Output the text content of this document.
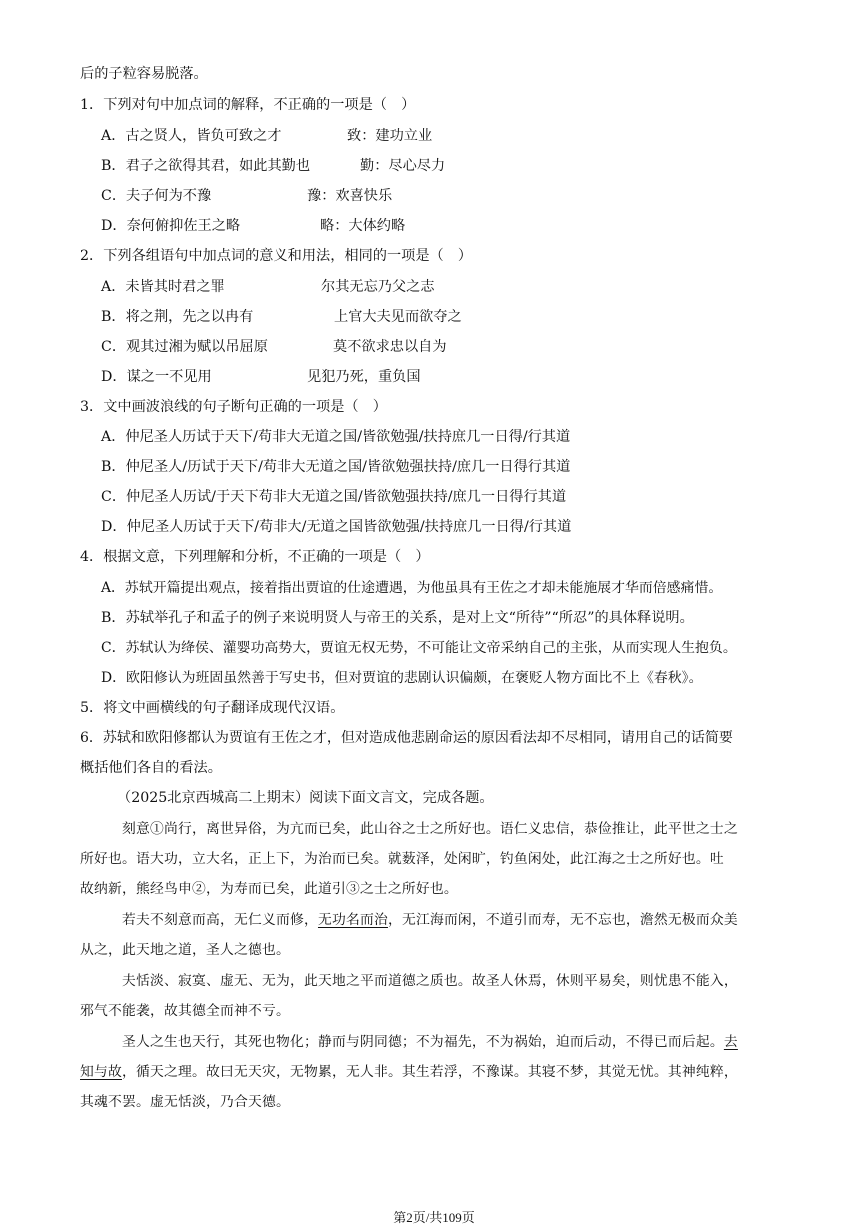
后的子粒容易脱落。
1．下列对句中加点词的解释，不正确的一项是（　）
A．古之贤人，皆负可致之才	致：建功立业
B．君子之欲得其君，如此其勤也	勤：尽心尽力
C．夫子何为不豫	豫：欢喜快乐
D．奈何俯抑佐王之略	略：大体约略
2．下列各组语句中加点词的意义和用法，相同的一项是（　）
A．未皆其时君之罪	尔其无忘乃父之志
B．将之荆，先之以冉有	上官大夫见而欲夺之
C．观其过湘为赋以吊屈原	莫不欲求忠以自为
D．谋之一不见用	见犯乃死，重负国
3．文中画波浪线的句子断句正确的一项是（　）
A．仲尼圣人历试于天下/苟非大无道之国/皆欲勉强/扶持庶几一日得/行其道
B．仲尼圣人/历试于天下/苟非大无道之国/皆欲勉强扶持/庶几一日得行其道
C．仲尼圣人历试/于天下苟非大无道之国/皆欲勉强扶持/庶几一日得行其道
D．仲尼圣人历试于天下/苟非大/无道之国皆欲勉强/扶持庶几一日得/行其道
4．根据文意，下列理解和分析，不正确的一项是（　）
A．苏轼开篇提出观点，接着指出贾谊的仕途遭遇，为他虽具有王佐之才却未能施展才华而倍感痛惜。
B．苏轼举孔子和孟子的例子来说明贤人与帝王的关系，是对上文“所待”“所忍”的具体释说明。
C．苏轼认为绛侯、灌婴功高势大，贾谊无权无势，不可能让文帝采纳自己的主张，从而实现人生抱负。
D．欧阳修认为班固虽然善于写史书，但对贾谊的悲剧认识偏颇，在褒贬人物方面比不上《春秋》。
5．将文中画横线的句子翻译成现代汉语。
6．苏轼和欧阳修都认为贾谊有王佐之才，但对造成他悲剧命运的原因看法却不尽相同，请用自己的话简要
概括他们各自的看法。
（2025北京西城高二上期末）阅读下面文言文，完成各题。
刻意①尚行，离世异俗，为亢而已矣，此山谷之士之所好也。语仁义忠信，恭俭推让，此平世之士之
所好也。语大功，立大名，正上下，为治而已矣。就薮泽，处闲旷，钓鱼闲处，此江海之士之所好也。吐
故纳新，熊经鸟申②，为寿而已矣，此道引③之士之所好也。
若夫不刻意而高，无仁义而修，无功名而治，无江海而闲，不道引而寿，无不忘也，澹然无极而众美
从之，此天地之道，圣人之德也。
夫恬淡、寂寞、虚无、无为，此天地之平而道德之质也。故圣人休焉，休则平易矣，则忧患不能入，
邪气不能袭，故其德全而神不亏。
圣人之生也天行，其死也物化；静而与阴同德；不为福先，不为祸始，迫而后动，不得已而后起。去
知与故，循天之理。故曰无天灾，无物累，无人非。其生若浮，不豫谋。其寝不梦，其觉无忧。其神纯粹，
其魂不罢。虚无恬淡，乃合天德。
第2页/共109页
